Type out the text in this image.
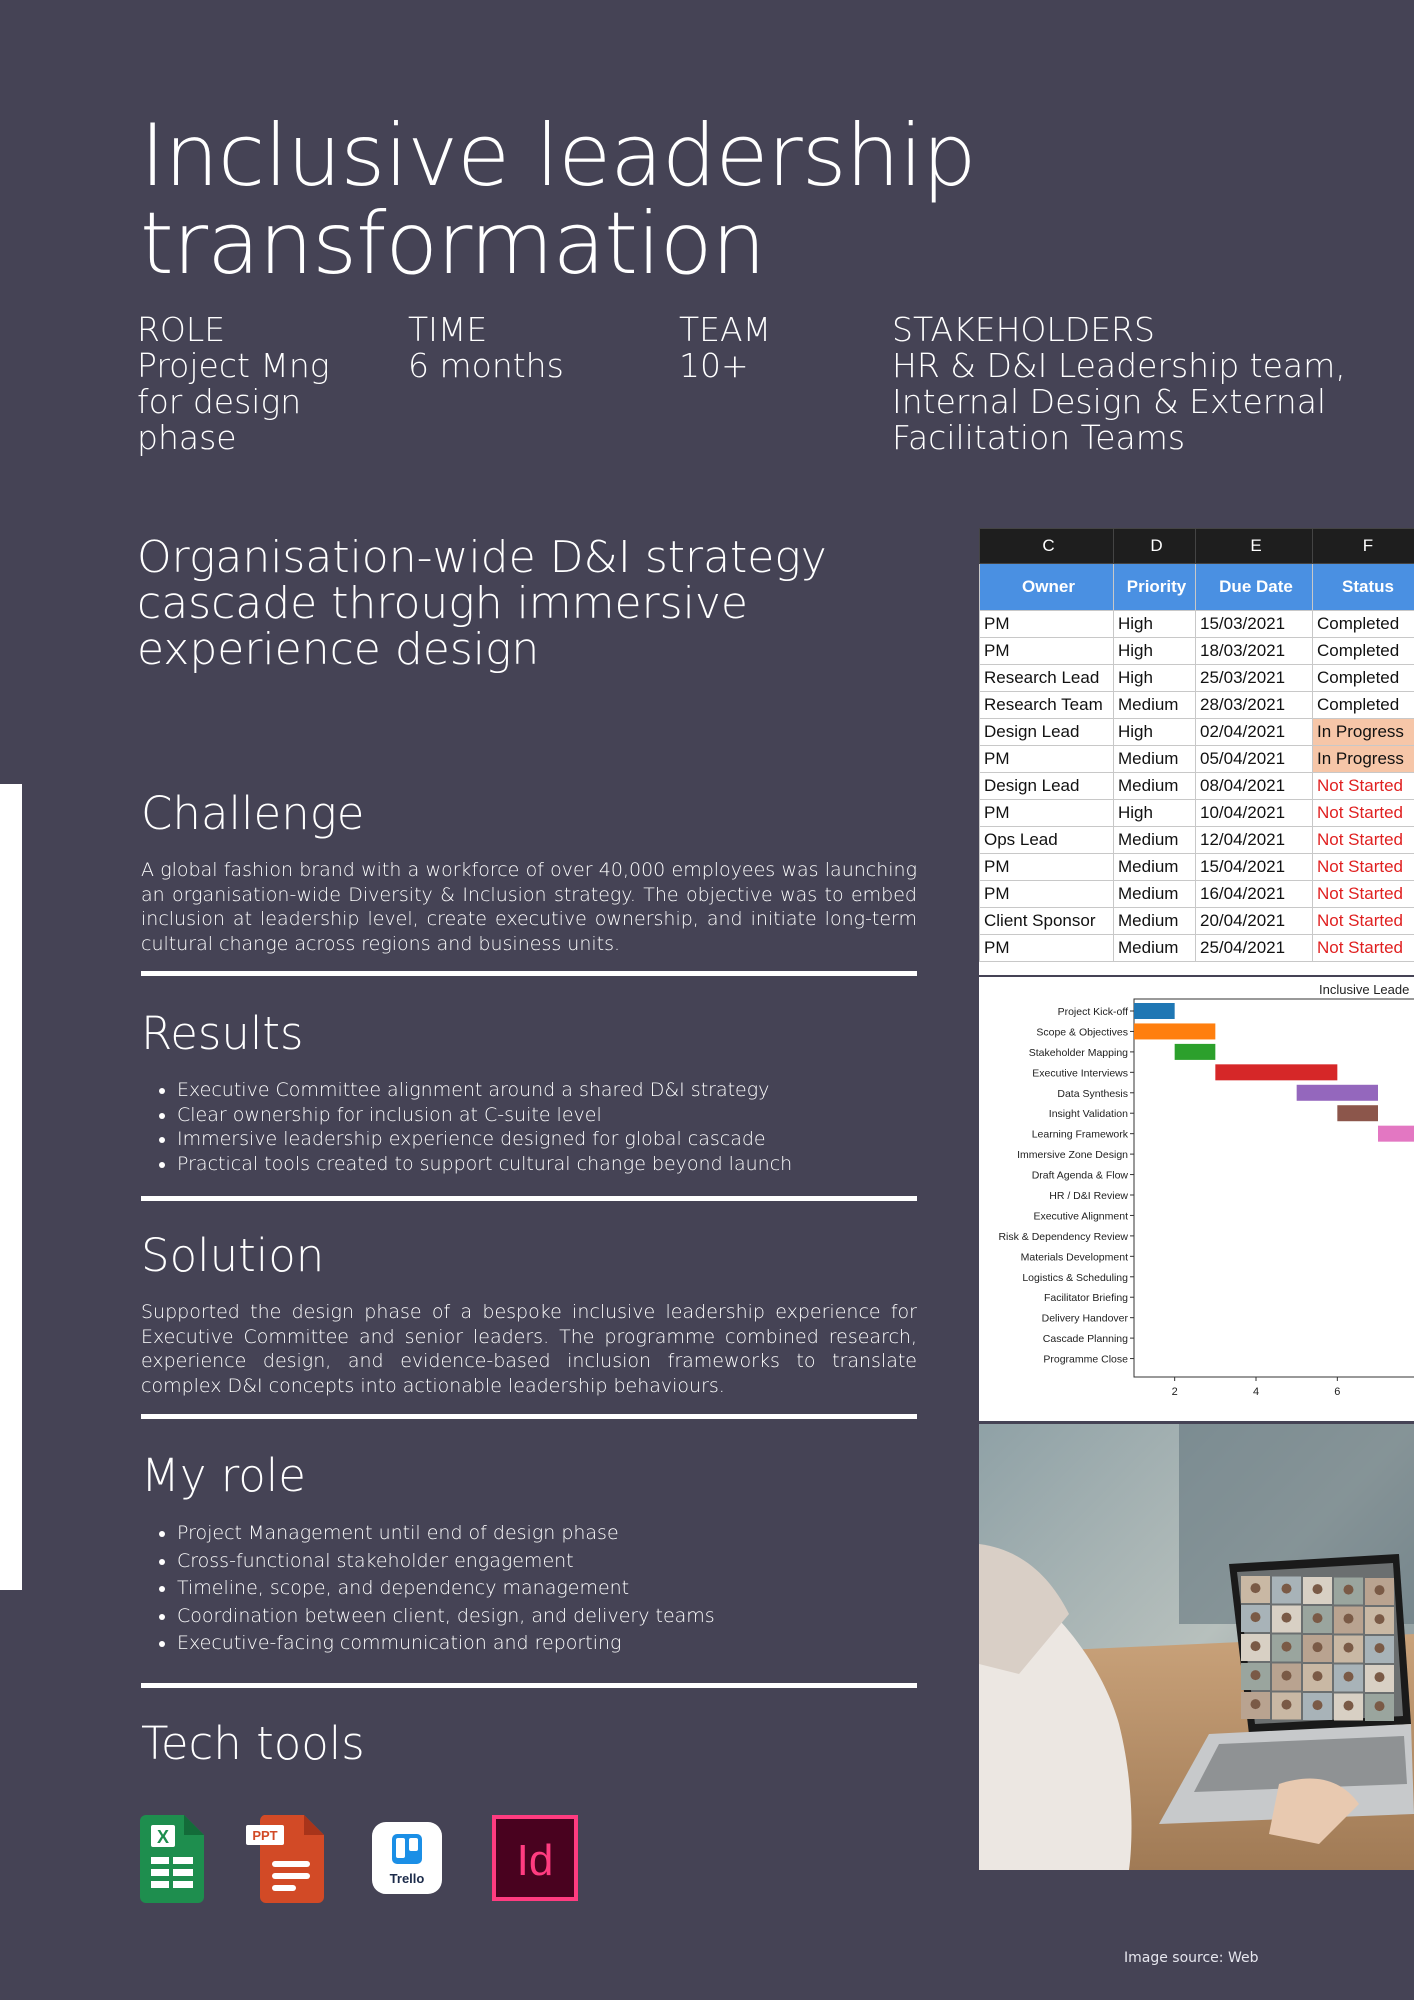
Inclusive leadership
transformation
ROLE
Project Mng
for design
phase
TIME
6 months
TEAM
10+
STAKEHOLDERS
HR & D&I Leadership team,
Internal Design & External
Facilitation Teams
Organisation-wide D&I strategy
cascade through immersive
experience design
Challenge

A global fashion brand with a workforce of over 40,000 employees was launching an organisation-wide Diversity & Inclusion strategy. The objective was to embed inclusion at leadership level, create executive ownership, and initiate long-term cultural change across regions and business units.

Results
• Executive Committee alignment around a shared D&I strategy
• Clear ownership for inclusion at C-suite level
• Immersive leadership experience designed for global cascade
• Practical tools created to support cultural change beyond launch
Solution

Supported the design phase of a bespoke inclusive leadership experience for Executive Committee and senior leaders. The programme combined research, experience design, and evidence-based inclusion frameworks to translate complex D&I concepts into actionable leadership behaviours.

My role
• Project Management until end of design phase
• Cross-functional stakeholder engagement
• Timeline, scope, and dependency management
• Coordination between client, design, and delivery teams
• Executive-facing communication and reporting
Tech tools
X	PPT
Trello Id
C	D	E	F
Owner	Priority	Due Date	Status
PM	High	15/03/2021	Completed
PM	High	18/03/2021	Completed
Research Lead	High	25/03/2021	Completed
Research Team	Medium	28/03/2021	Completed
Design Lead	High	02/04/2021	In Progress
PM	Medium	05/04/2021	In Progress
Design Lead	Medium	08/04/2021	Not Started
PM	High	10/04/2021	Not Started
Ops Lead	Medium	12/04/2021	Not Started
PM	Medium	15/04/2021	Not Started
PM	Medium	16/04/2021	Not Started
Client Sponsor	Medium	20/04/2021	Not Started
PM	Medium	25/04/2021	Not Started
Inclusive Leade
Project Kick-off
Scope & Objectives
Stakeholder Mapping
Executive Interviews
Data Synthesis
Insight Validation
Learning Framework
Immersive Zone Design
Draft Agenda & Flow
HR / D&I Review
Executive Alignment
Risk & Dependency Review
Materials Development
Logistics & Scheduling
Facilitator Briefing
Delivery Handover
Cascade Planning
Programme Close
2	4	6
Image source: Web
